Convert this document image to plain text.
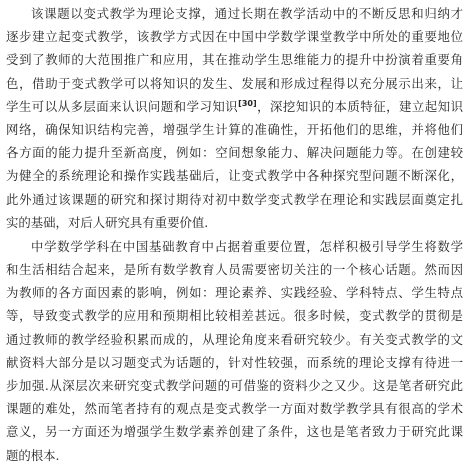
该课题以变式教学为理论支撑，通过长期在教学活动中的不断反思和归纳才
逐步建立起变式教学，该教学方式因在中国中学数学课堂教学中所处的重要地位
受到了教师的大范围推广和应用，其在推动学生思维能力的提升中扮演着重要角
色，借助于变式教学可以将知识的发生、发展和形成过程得以充分展示出来，让
学生可以从多层面来认识问题和学习知识[30]，深挖知识的本质特征，建立起知识
网络，确保知识结构完善，增强学生计算的准确性，开拓他们的思维，并将他们
各方面的能力提升至新高度，例如：空间想象能力、解决问题能力等。在创建较
为健全的系统理论和操作实践基础后，让变式教学中各种探究型问题不断深化，
此外通过该课题的研究和探讨期待对初中数学变式教学在理论和实践层面奠定扎
实的基础，对后人研究具有重要价值.
中学数学学科在中国基础教育中占据着重要位置，怎样积极引导学生将数学
和生活相结合起来，是所有数学教育人员需要密切关注的一个核心话题。然而因
为教师的各方面因素的影响，例如：理论素养、实践经验、学科特点、学生特点
等，导致变式教学的应用和预期相比较相差甚远。很多时候，变式教学的贯彻是
通过教师的教学经验积累而成的，从理论角度来看研究较少。有关变式教学的文
献资料大部分是以习题变式为话题的，针对性较强，而系统的理论支撑有待进一
步加强.从深层次来研究变式教学问题的可借鉴的资料少之又少。这是笔者研究此
课题的难处，然而笔者持有的观点是变式教学一方面对数学教学具有很高的学术
意义，另一方面还为增强学生数学素养创建了条件，这也是笔者致力于研究此课
题的根本.
